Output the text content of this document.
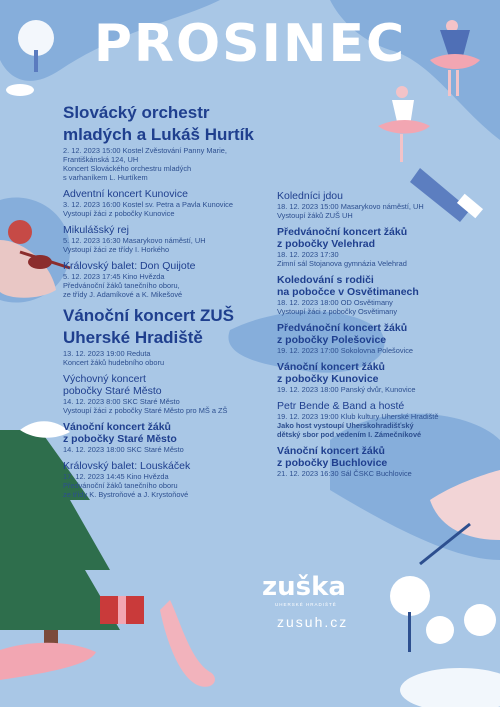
PROSINEC
Slovácký orchestr
mladých a Lukáš Hurtík
2. 12. 2023 15:00 Kostel Zvěstování Panny Marie,
Františkánská 124, UH
Koncert Slováckého orchestru mladých
s varhaníkem L. Hurtíkem
Adventní koncert Kunovice
3. 12. 2023 16:00 Kostel sv. Petra a Pavla Kunovice
Vystoupí žáci z pobočky Kunovice
Mikulášský rej
5. 12. 2023 16:30 Masarykovo náměstí, UH
Vystoupí žáci ze třídy I. Horkého
Královský balet: Don Quijote
5. 12. 2023 17:45 Kino Hvězda
Předvánoční žáků tanečního oboru,
ze třídy J. Adamíkové a K. Mikešové
Vánoční koncert ZUŠ
Uherské Hradiště
13. 12. 2023 19:00 Reduta
Koncert žáků hudebního oboru
Výchovný koncert
pobočky Staré Město
14. 12. 2023 8:00 SKC Staré Město
Vystoupí žáci z pobočky Staré Město pro MŠ a ZŠ
Vánoční koncert žáků
z pobočky Staré Město
14. 12. 2023 18:00 SKC Staré Město
Královský balet: Louskáček
17. 12. 2023 14:45 Kino Hvězda
Předvánoční žáků tanečního oboru
ze třídy K. Bystroňové a J. Krystoňové
Koledníci jdou
18. 12. 2023 15:00 Masarykovo náměstí, UH
Vystoupí žáků ZUŠ UH
Předvánoční koncert žáků
z pobočky Velehrad
18. 12. 2023 17:30
Zimní sál Stojanova gymnázia Velehrad
Koledování s rodiči
na pobočce v Osvětimanech
18. 12. 2023 18:00 OD Osvětimany
Vystoupí žáci z pobočky Osvětimany
Předvánoční koncert žáků
z pobočky Polešovice
19. 12. 2023 17:00 Sokolovna Polešovice
Vánoční koncert žáků
z pobočky Kunovice
19. 12. 2023 18:00 Panský dvůr, Kunovice
Petr Bende & Band a hosté
19. 12. 2023 19:00 Klub kultury Uherské Hradiště
Jako host vystoupí Uherskohradišťský
dětský sbor pod vedením I. Zámečníkové
Vánoční koncert žáků
z pobočky Buchlovice
21. 12. 2023 16:30 Sál ČSKC Buchlovice
zuška
UHERSKÉ HRADIŠTĚ
zusuh.cz
